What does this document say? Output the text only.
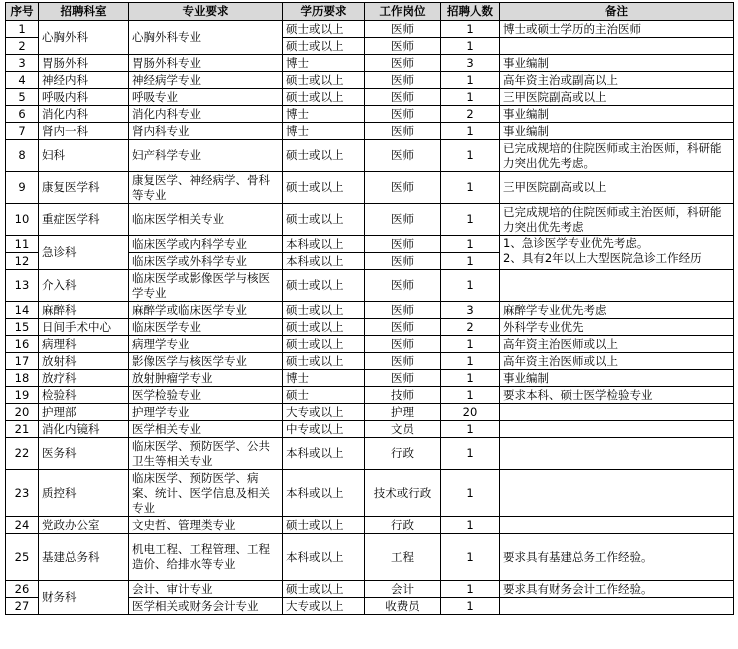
序号	招聘科室	专业要求	学历要求	工作岗位	招聘人数	备注
1	心胸外科	心胸外科专业	硕士或以上	医师	1	博士或硕士学历的主治医师
2			硕士或以上	医师	1	
3	胃肠外科	胃肠外科专业	博士	医师	3	事业编制
4	神经内科	神经病学专业	硕士或以上	医师	1	高年资主治或副高以上
5	呼吸内科	呼吸专业	硕士或以上	医师	1	三甲医院副高或以上
6	消化内科	消化内科专业	博士	医师	2	事业编制
7	肾内一科	肾内科专业	博士	医师	1	事业编制
8	妇科	妇产科学专业	硕士或以上	医师	1	已完成规培的住院医师或主治医师，科研能力突出优先考虑。
9	康复医学科	康复医学、神经病学、骨科等专业	硕士或以上	医师	1	三甲医院副高或以上
10	重症医学科	临床医学相关专业	硕士或以上	医师	1	已完成规培的住院医师或主治医师，科研能力突出优先考虑
11	急诊科	临床医学或内科学专业	本科或以上	医师	1	1、急诊医学专业优先考虑。
2、具有2年以上大型医院急诊工作经历
12		临床医学或外科学专业	本科或以上	医师	1	
13	介入科	临床医学或影像医学与核医学专业	硕士或以上	医师	1	
14	麻醉科	麻醉学或临床医学专业	硕士或以上	医师	3	麻醉学专业优先考虑
15	日间手术中心	临床医学专业	硕士或以上	医师	2	外科学专业优先
16	病理科	病理学专业	硕士或以上	医师	1	高年资主治医师或以上
17	放射科	影像医学与核医学专业	硕士或以上	医师	1	高年资主治医师或以上
18	放疗科	放射肿瘤学专业	博士	医师	1	事业编制
19	检验科	医学检验专业	硕士	技师	1	要求本科、硕士医学检验专业
20	护理部	护理学专业	大专或以上	护理	20	
21	消化内镜科	医学相关专业	中专或以上	文员	1	
22	医务科	临床医学、预防医学、公共卫生等相关专业	本科或以上	行政	1	
23	质控科	临床医学、预防医学、病案、统计、医学信息及相关专业	本科或以上	技术或行政	1	
24	党政办公室	文史哲、管理类专业	硕士或以上	行政	1	
25	基建总务科	机电工程、工程管理、工程造价、给排水等专业	本科或以上	工程	1	要求具有基建总务工作经验。
26	财务科	会计、审计专业	硕士或以上	会计	1	要求具有财务会计工作经验。
27		医学相关或财务会计专业	大专或以上	收费员	1	
